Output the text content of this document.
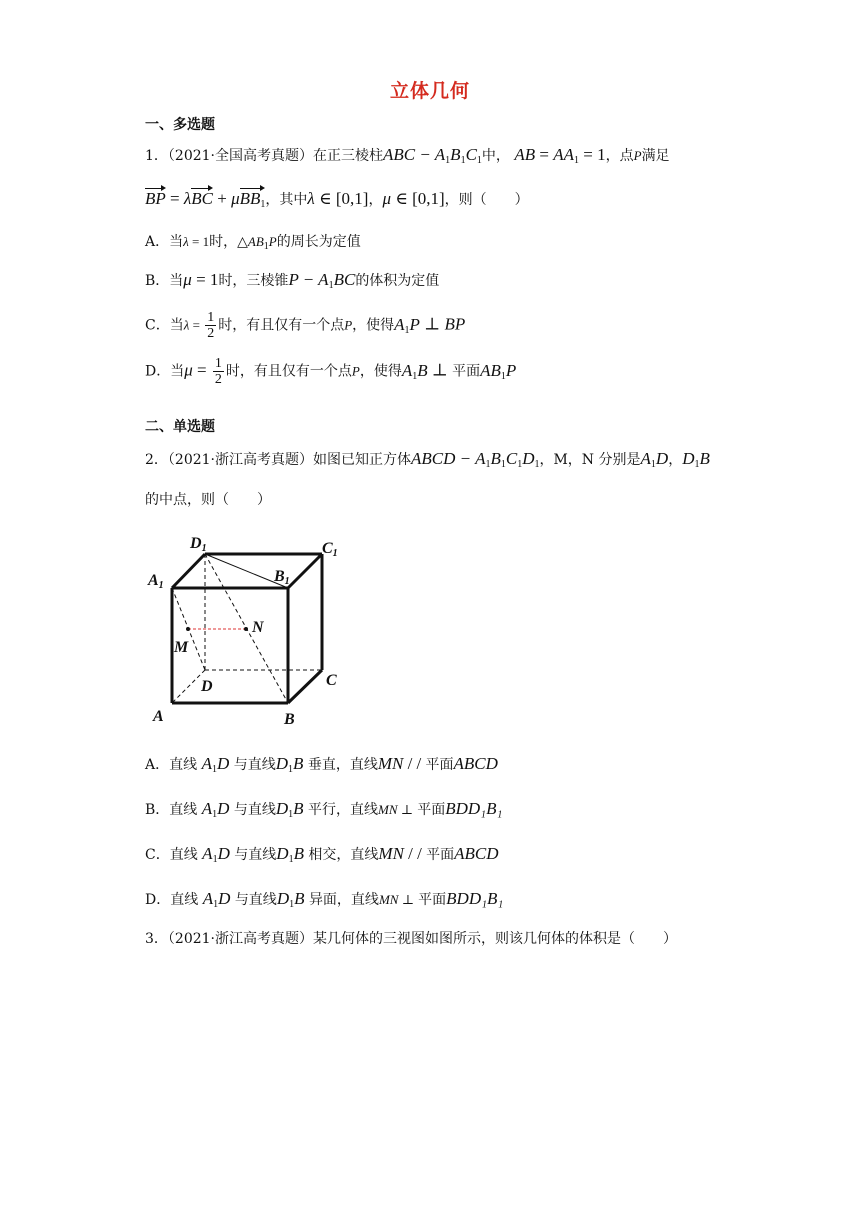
立体几何
一、多选题
1．（2021·全国高考真题）在正三棱柱ABC − $A_1B_1C_1$中， AB = $AA_1 = 1$，点P满足
BP = λBC + μBB$_1$，其中λ ∈ [0,1]，μ ∈ [0,1]，则（　　）
A．当λ = 1时，$\triangle AB_1P$的周长为定值
B．当μ = 1时，三棱锥$P - A_1BC$的体积为定值
C．当$\lambda = \frac{1}{2}$ 时，有且仅有一个点P，使得$A_1P$ ⊥ BP
D．当$\mu = \frac{1}{2}$ 时，有且仅有一个点P，使得$A_1B$ ⊥ 平面$AB_1P$
二、单选题
2．（2021·浙江高考真题）如图已知正方体ABCD − $A_1B_1C_1D_1$，M，N 分别是$A_1D$，$D_1B$
的中点，则（　　）
D1	C1
A1
B1
N
M
D	C
A	B
A．直线 $A_1D$ 与直线$D_1B$ 垂直，直线MN / / 平面ABCD
B．直线 $A_1D$ 与直线$D_1B$ 平行，直线MN ⊥ 平面BDD₁B₁
C．直线 $A_1D$ 与直线$D_1B$ 相交，直线MN / / 平面ABCD
D．直线 $A_1D$ 与直线$D_1B$ 异面，直线MN ⊥ 平面BDD₁B₁
3．（2021·浙江高考真题）某几何体的三视图如图所示，则该几何体的体积是（　　）
